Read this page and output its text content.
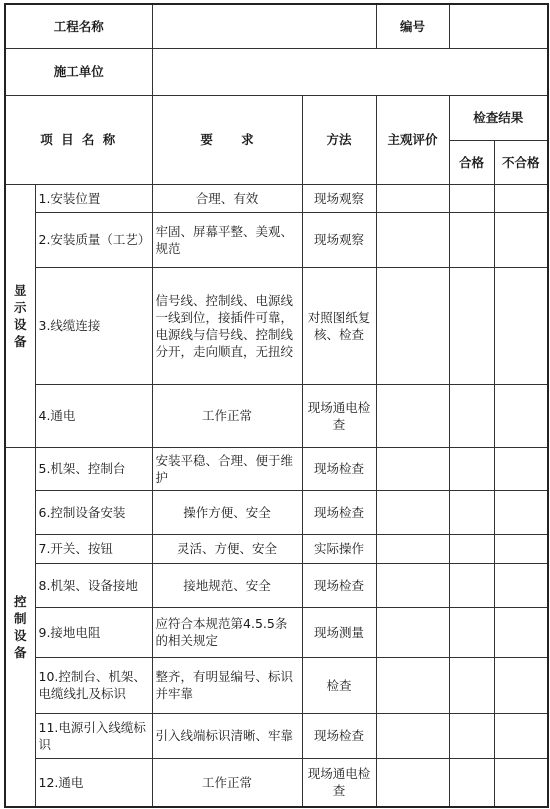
工程名称				编号		
施工单位						
项 目 名 称		要 求	方法	主观评价	检查结果	
					合格	不合格

显
示
设
备	1.安装位置	合理、有效	现场观察			
	2.安装质量（工艺）	牢固、屏幕平整、美观、规范	现场观察			
	3.线缆连接	信号线、控制线、电源线一线到位，接插件可靠，电源线与信号线、控制线分开，走向顺直，无扭绞	对照图纸复核、检查			
	4.通电	工作正常	现场通电检查			

控
制
设
备	5.机架、控制台	安装平稳、合理、便于维护	现场检查			
	6.控制设备安装	操作方便、安全	现场检查			
	7.开关、按钮	灵活、方便、安全	实际操作			
	8.机架、设备接地	接地规范、安全	现场检查			
	9.接地电阻	应符合本规范第4.5.5条的相关规定	现场测量			
	10.控制台、机架、电缆线扎及标识	整齐，有明显编号、标识并牢靠	检查			
	11.电源引入线缆标识	引入线端标识清晰、牢靠	现场检查			
	12.通电	工作正常	现场通电检查			
